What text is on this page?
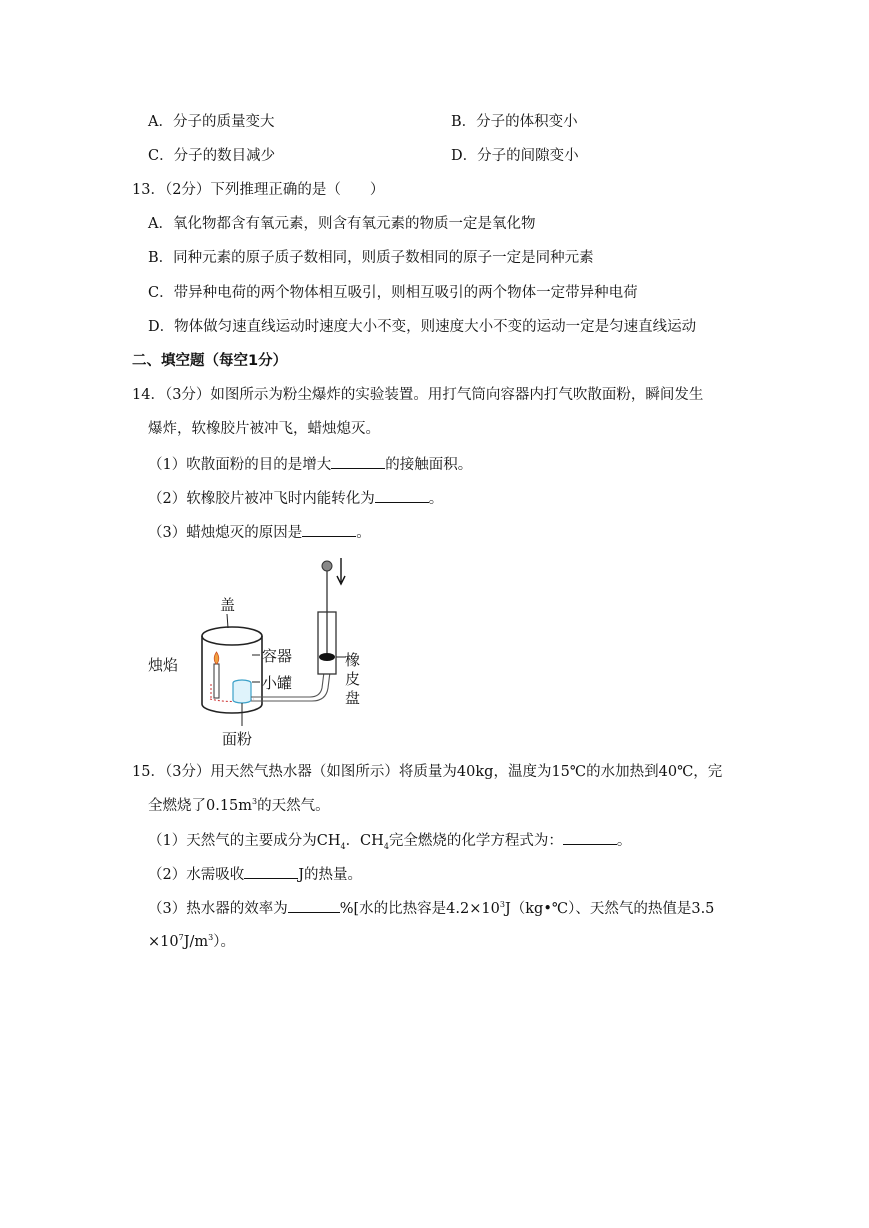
A．分子的质量变大	B．分子的体积变小
C．分子的数目减少	D．分子的间隙变小
13．（2分）下列推理正确的是（　　）
A．氧化物都含有氧元素，则含有氧元素的物质一定是氧化物
B．同种元素的原子质子数相同，则质子数相同的原子一定是同种元素
C．带异种电荷的两个物体相互吸引，则相互吸引的两个物体一定带异种电荷
D．物体做匀速直线运动时速度大小不变，则速度大小不变的运动一定是匀速直线运动
二、填空题（每空1分）
14．（3分）如图所示为粉尘爆炸的实验装置。用打气筒向容器内打气吹散面粉，瞬间发生
爆炸，软橡胶片被冲飞，蜡烛熄灭。
（1）吹散面粉的目的是增大	的接触面积。
（2）软橡胶片被冲飞时内能转化为	。
（3）蜡烛熄灭的原因是	。
盖
烛焰	容器
小罐
面粉
橡皮盘
15．（3分）用天然气热水器（如图所示）将质量为40kg，温度为15℃的水加热到40℃，完
全燃烧了$0.15m^3$的天然气。
（1）天然气的主要成分为$CH_4$．$CH_4$完全燃烧的化学方程式为：	。
（2）水需吸收	J的热量。
（3）热水器的效率为	%[水的比热容是$4.2\times 10^3J(kg•℃)$、天然气的热值是3.5
$\times 10^7J/m^3$）。
